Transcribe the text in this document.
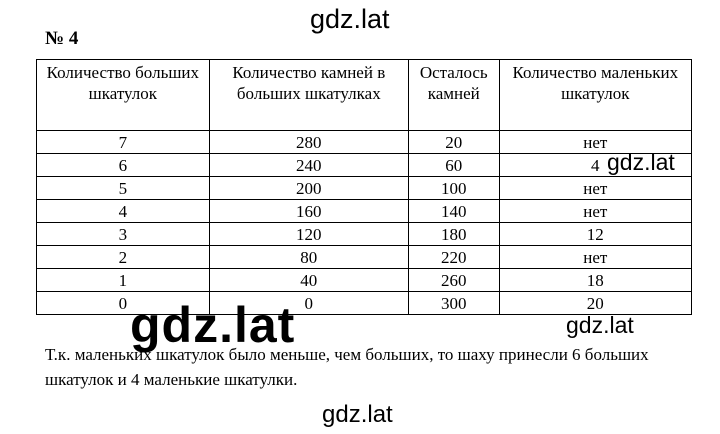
gdz.lat
№ 4
Количество больших шкатулок	Количество камней в больших шкатулках	Осталось камней	Количество маленьких шкатулок
7	280	20	нет
6	240	60	4
5	200	100	нет
4	160	140	нет
3	120	180	12
2	80	220	нет
1	40	260	18
0	0	300	20
gdz.lat
gdz.lat	gdz.lat
Т.к. маленьких шкатулок было меньше, чем больших, то шаху принесли 6 больших шкатулок и 4 маленькие шкатулки.
gdz.lat
